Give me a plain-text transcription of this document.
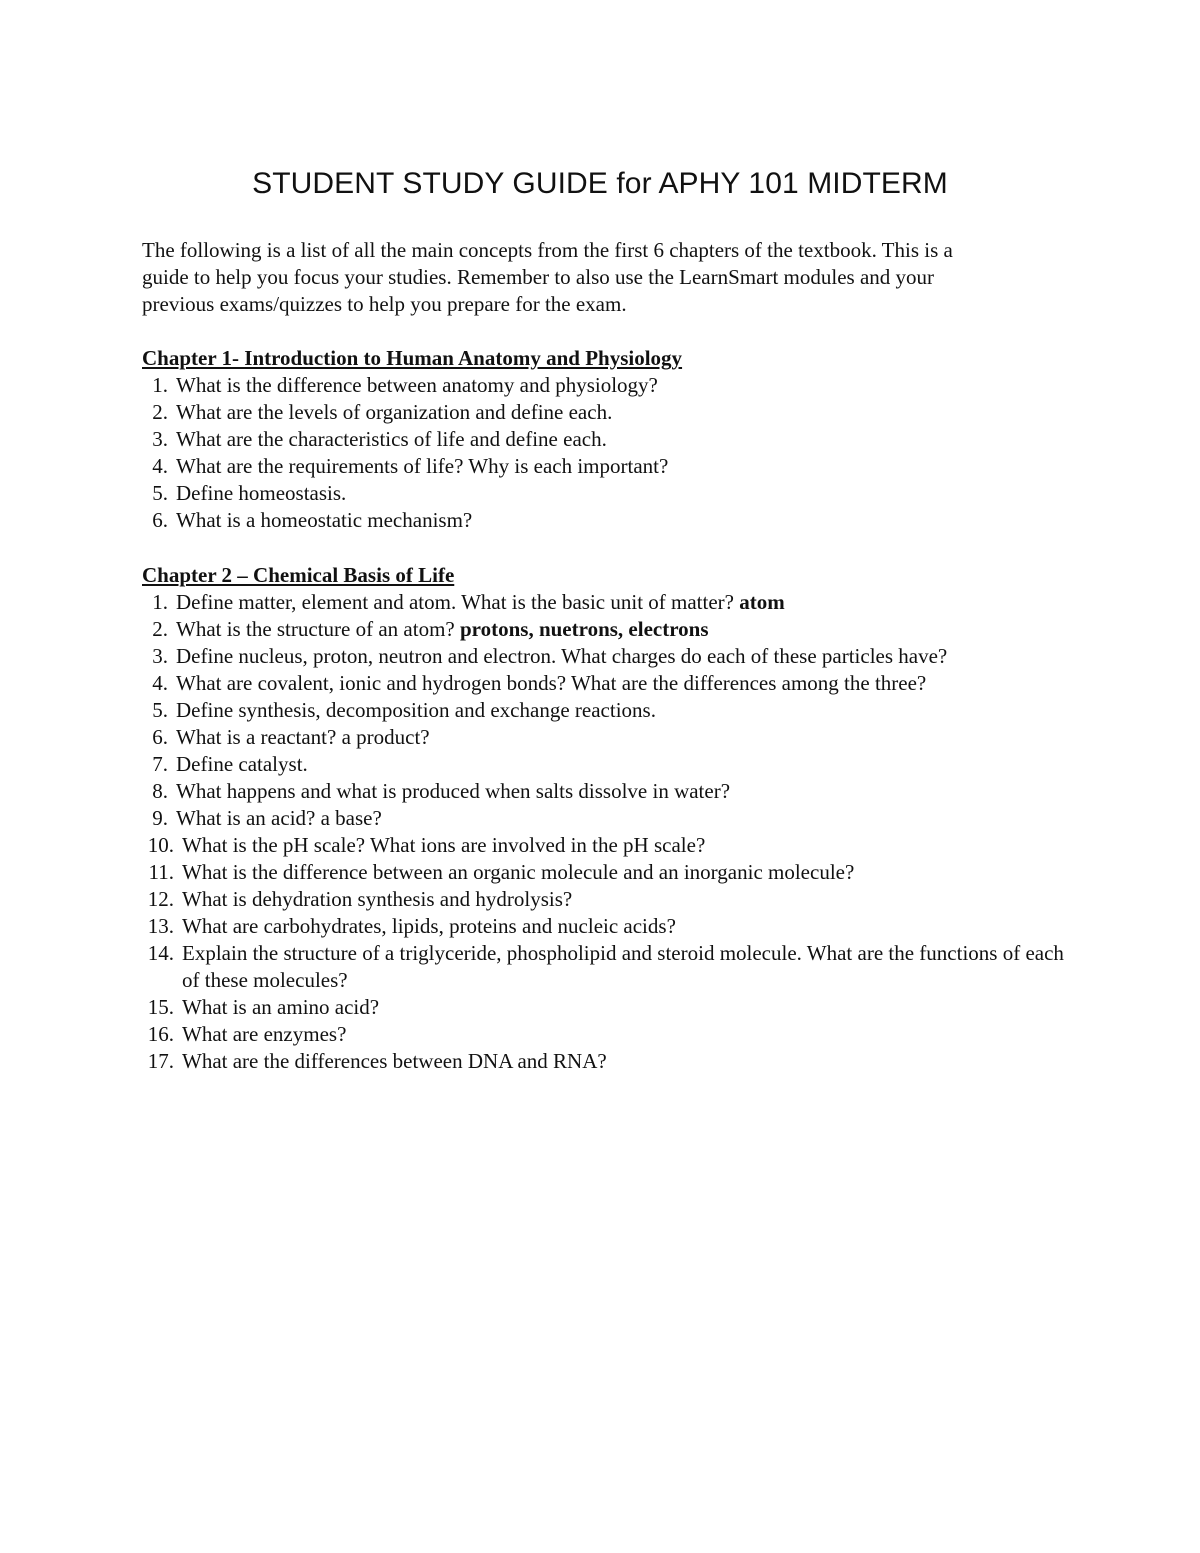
STUDENT STUDY GUIDE for APHY 101 MIDTERM

The following is a list of all the main concepts from the first 6 chapters of the textbook. This is a
guide to help you focus your studies. Remember to also use the LearnSmart modules and your
previous exams/quizzes to help you prepare for the exam.

Chapter 1- Introduction to Human Anatomy and Physiology
1. What is the difference between anatomy and physiology?
2. What are the levels of organization and define each.
3. What are the characteristics of life and define each.
4. What are the requirements of life? Why is each important?
5. Define homeostasis.
6. What is a homeostatic mechanism?
Chapter 2 – Chemical Basis of Life
1. Define matter, element and atom. What is the basic unit of matter? atom
2. What is the structure of an atom? protons, nuetrons, electrons
3. Define nucleus, proton, neutron and electron. What charges do each of these particles have?
4. What are covalent, ionic and hydrogen bonds? What are the differences among the three?
5. Define synthesis, decomposition and exchange reactions.
6. What is a reactant? a product?
7. Define catalyst.
8. What happens and what is produced when salts dissolve in water?
9. What is an acid? a base?
10. What is the pH scale? What ions are involved in the pH scale?
11. What is the difference between an organic molecule and an inorganic molecule?
12. What is dehydration synthesis and hydrolysis?
13. What are carbohydrates, lipids, proteins and nucleic acids?
14. Explain the structure of a triglyceride, phospholipid and steroid molecule. What are the functions of each of these molecules?
15. What is an amino acid?
16. What are enzymes?
17. What are the differences between DNA and RNA?
